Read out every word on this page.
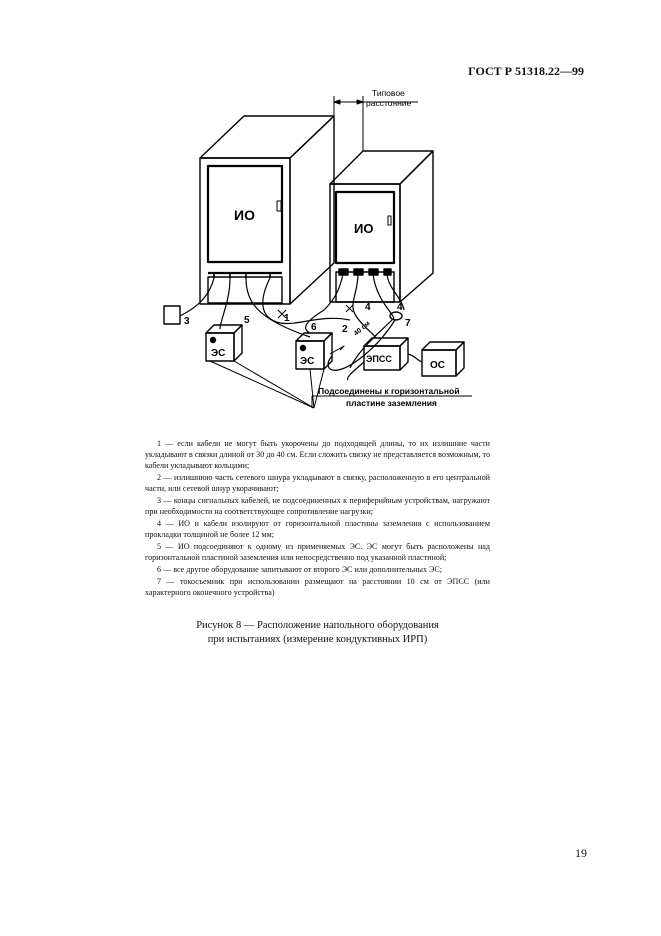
ГОСТ Р 51318.22—99
Типовое
расстояние
ИО
ИО
ЭС
ЭС	ЭПСС
ОС
40 см
Подсоединены к горизонтальной
пластине заземления
1
2
3
4	4
5
6	7

1 — если кабели не могут быть укорочены до подходящей длины, то их излишние части укладывают в связки длиной от 30 до 40 см. Если сложить связку не представляется возможным, то кабели укладывают кольцами;

2 — излишнюю часть сетевого шнура укладывают в связку, расположенную в его центральной части, или сетевой шнур укорачивают;

3 — концы сигнальных кабелей, не подсоединенных к периферийным устройствам, нагружают при необходимости на соответствующее сопротивление нагрузки;

4 — ИО и кабели изолируют от горизонтальной пластины заземления с использованием прокладки толщиной не более 12 мм;

5 — ИО подсоединяют к одному из применяемых ЭС. ЭС могут быть расположены над горизонтальной пластиной заземления или непосредственно под указанной пластиной;

6 — все другое оборудование запитывают от второго ЭС или дополнительных ЭС;

7 — токосъемник при использовании размещают на расстоянии 10 см от ЭПСС (или характерного оконечного устройства)

Рисунок 8 — Расположение напольного оборудования
при испытаниях (измерение кондуктивных ИРП)
19
